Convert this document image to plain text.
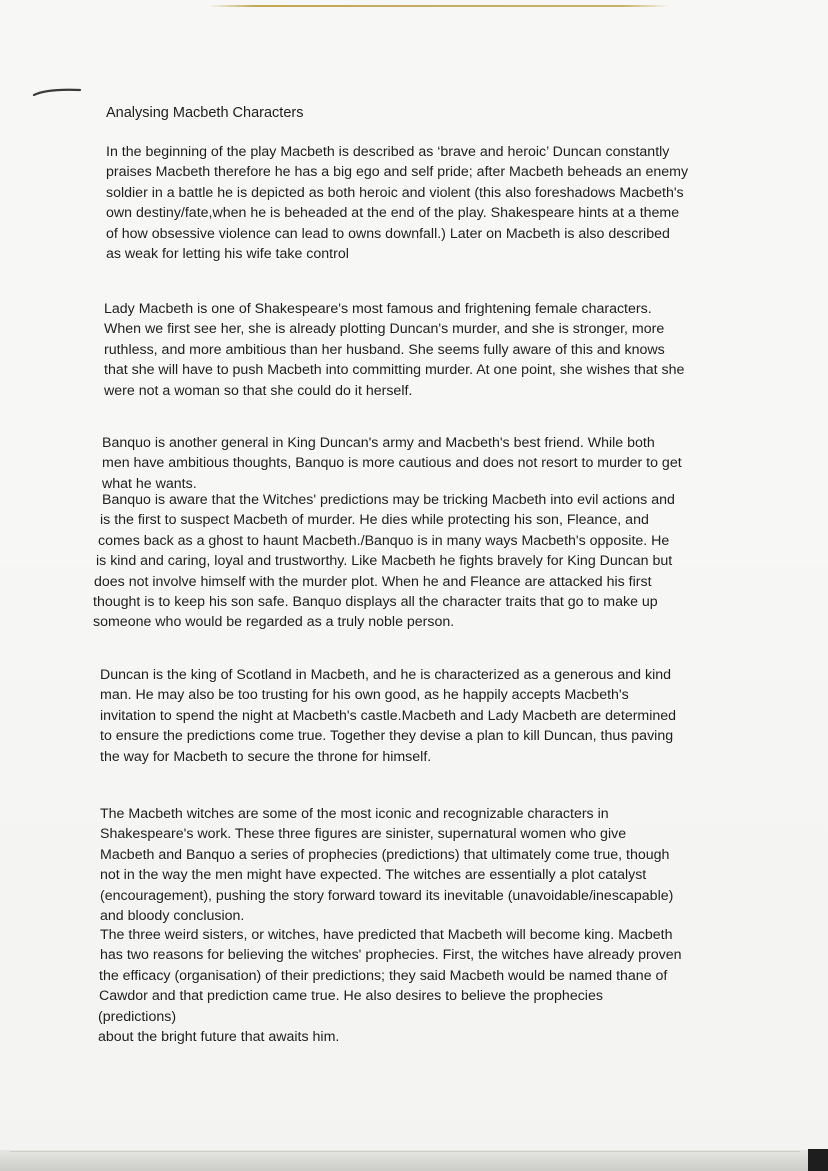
Analysing Macbeth Characters
In the beginning of the play Macbeth is described as ‘brave and heroic’ Duncan constantly
praises Macbeth therefore he has a big ego and self pride; after Macbeth beheads an enemy
soldier in a battle he is depicted as both heroic and violent (this also foreshadows Macbeth's
own destiny/fate,when he is beheaded at the end of the play. Shakespeare hints at a theme
of how obsessive violence can lead to owns downfall.) Later on Macbeth is also described
as weak for letting his wife take control
Lady Macbeth is one of Shakespeare's most famous and frightening female characters.
When we first see her, she is already plotting Duncan's murder, and she is stronger, more
ruthless, and more ambitious than her husband. She seems fully aware of this and knows
that she will have to push Macbeth into committing murder. At one point, she wishes that she
were not a woman so that she could do it herself.
Banquo is another general in King Duncan's army and Macbeth's best friend. While both
men have ambitious thoughts, Banquo is more cautious and does not resort to murder to get
what he wants.
Banquo is aware that the Witches' predictions may be tricking Macbeth into evil actions and
is the first to suspect Macbeth of murder. He dies while protecting his son, Fleance, and
comes back as a ghost to haunt Macbeth./Banquo is in many ways Macbeth's opposite. He
is kind and caring, loyal and trustworthy. Like Macbeth he fights bravely for King Duncan but
does not involve himself with the murder plot. When he and Fleance are attacked his first
thought is to keep his son safe. Banquo displays all the character traits that go to make up
someone who would be regarded as a truly noble person.
Duncan is the king of Scotland in Macbeth, and he is characterized as a generous and kind
man. He may also be too trusting for his own good, as he happily accepts Macbeth's
invitation to spend the night at Macbeth's castle.Macbeth and Lady Macbeth are determined
to ensure the predictions come true. Together they devise a plan to kill Duncan, thus paving
the way for Macbeth to secure the throne for himself.
The Macbeth witches are some of the most iconic and recognizable characters in
Shakespeare's work. These three figures are sinister, supernatural women who give
Macbeth and Banquo a series of prophecies (predictions) that ultimately come true, though
not in the way the men might have expected. The witches are essentially a plot catalyst
(encouragement), pushing the story forward toward its inevitable (unavoidable/inescapable)
and bloody conclusion.
The three weird sisters, or witches, have predicted that Macbeth will become king. Macbeth
has two reasons for believing the witches' prophecies. First, the witches have already proven
the efficacy (organisation) of their predictions; they said Macbeth would be named thane of
Cawdor and that prediction came true. He also desires to believe the prophecies
(predictions)
about the bright future that awaits him.
